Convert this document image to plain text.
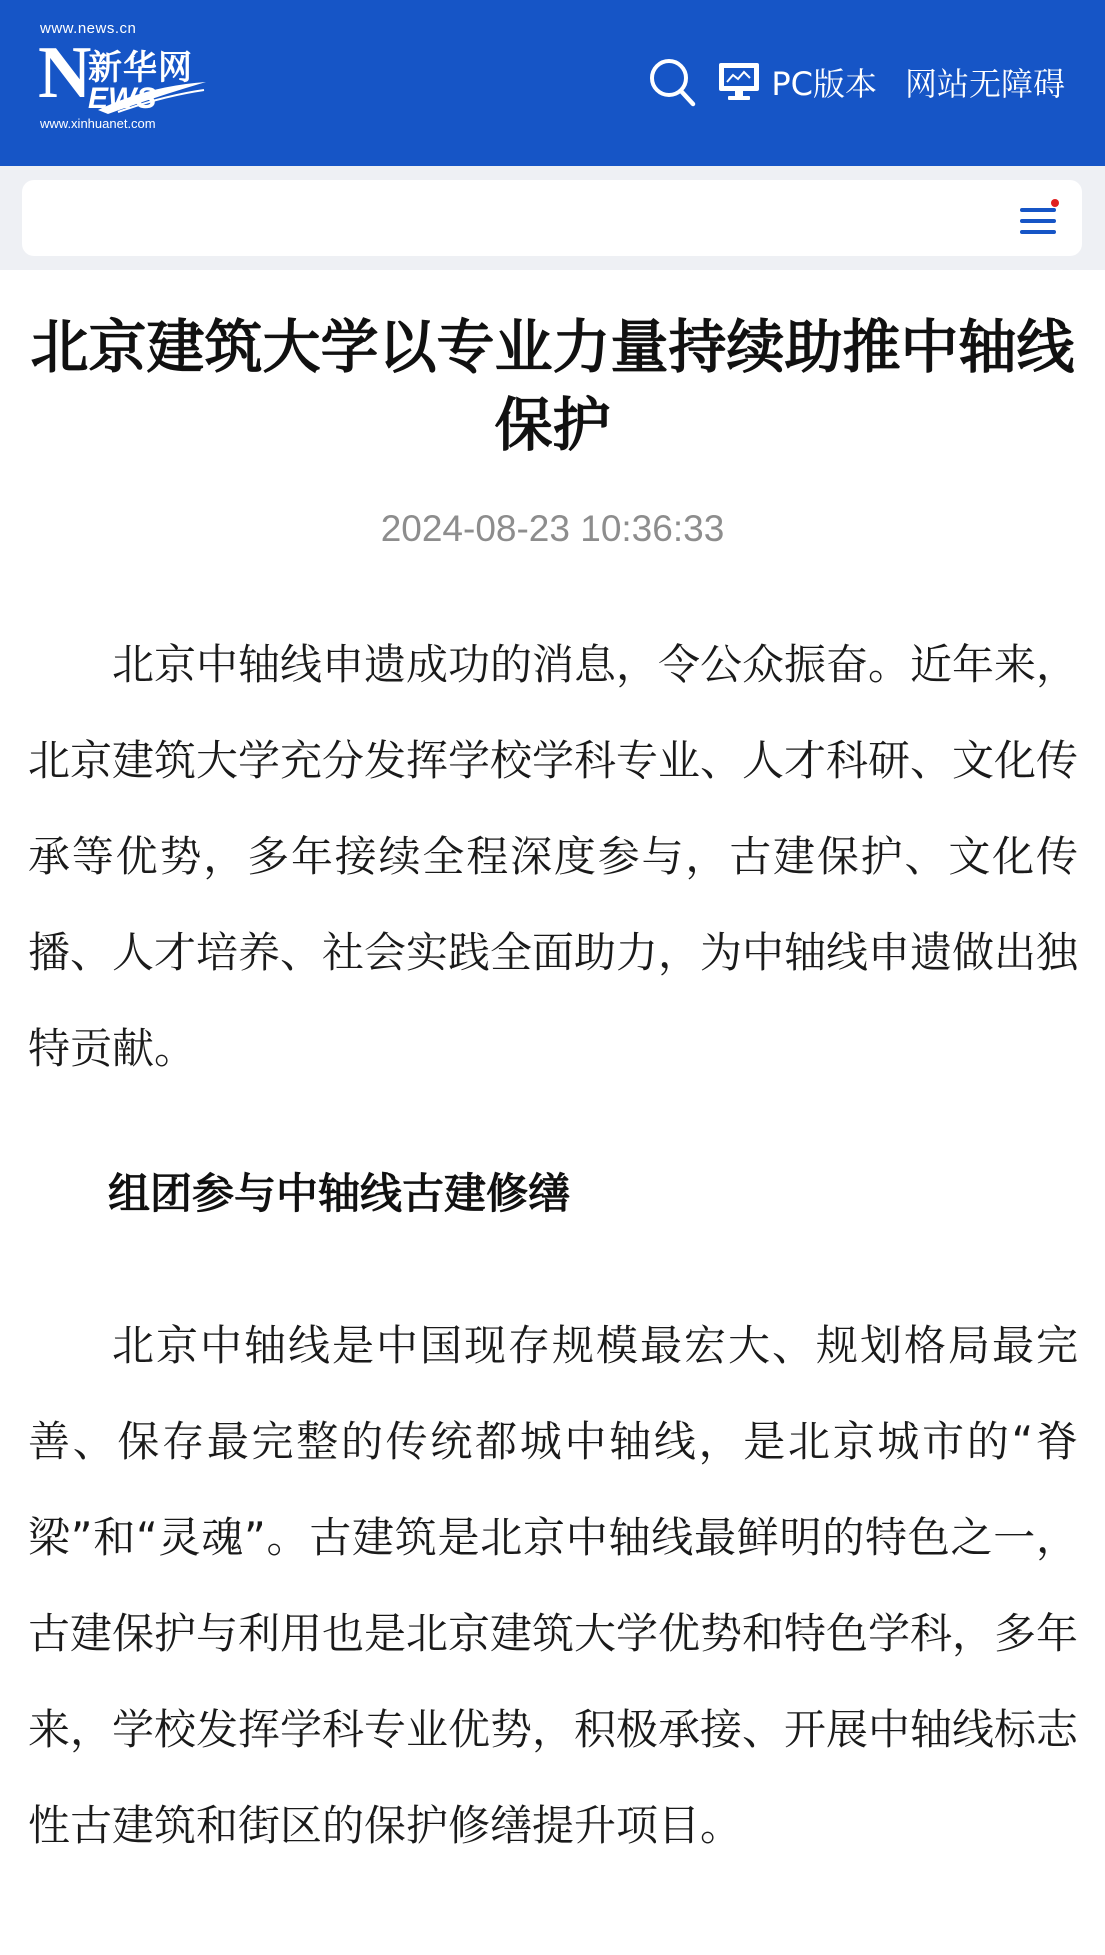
www.news.cn
N
新华网
EWS
www.xinhuanet.com
PC版本 网站无障碍
北京建筑大学以专业力量持续助推中轴线保护
2024-08-23 10:36:33

北京中轴线申遗成功的消息，令公众振奋。近年来，北京建筑大学充分发挥学校学科专业、人才科研、文化传承等优势，多年接续全程深度参与，古建保护、文化传播、人才培养、社会实践全面助力，为中轴线申遗做出独特贡献。

组团参与中轴线古建修缮

北京中轴线是中国现存规模最宏大、规划格局最完善、保存最完整的传统都城中轴线，是北京城市的“脊梁”和“灵魂”。古建筑是北京中轴线最鲜明的特色之一，古建保护与利用也是北京建筑大学优势和特色学科，多年来，学校发挥学科专业优势，积极承接、开展中轴线标志性古建筑和街区的保护修缮提升项目。
